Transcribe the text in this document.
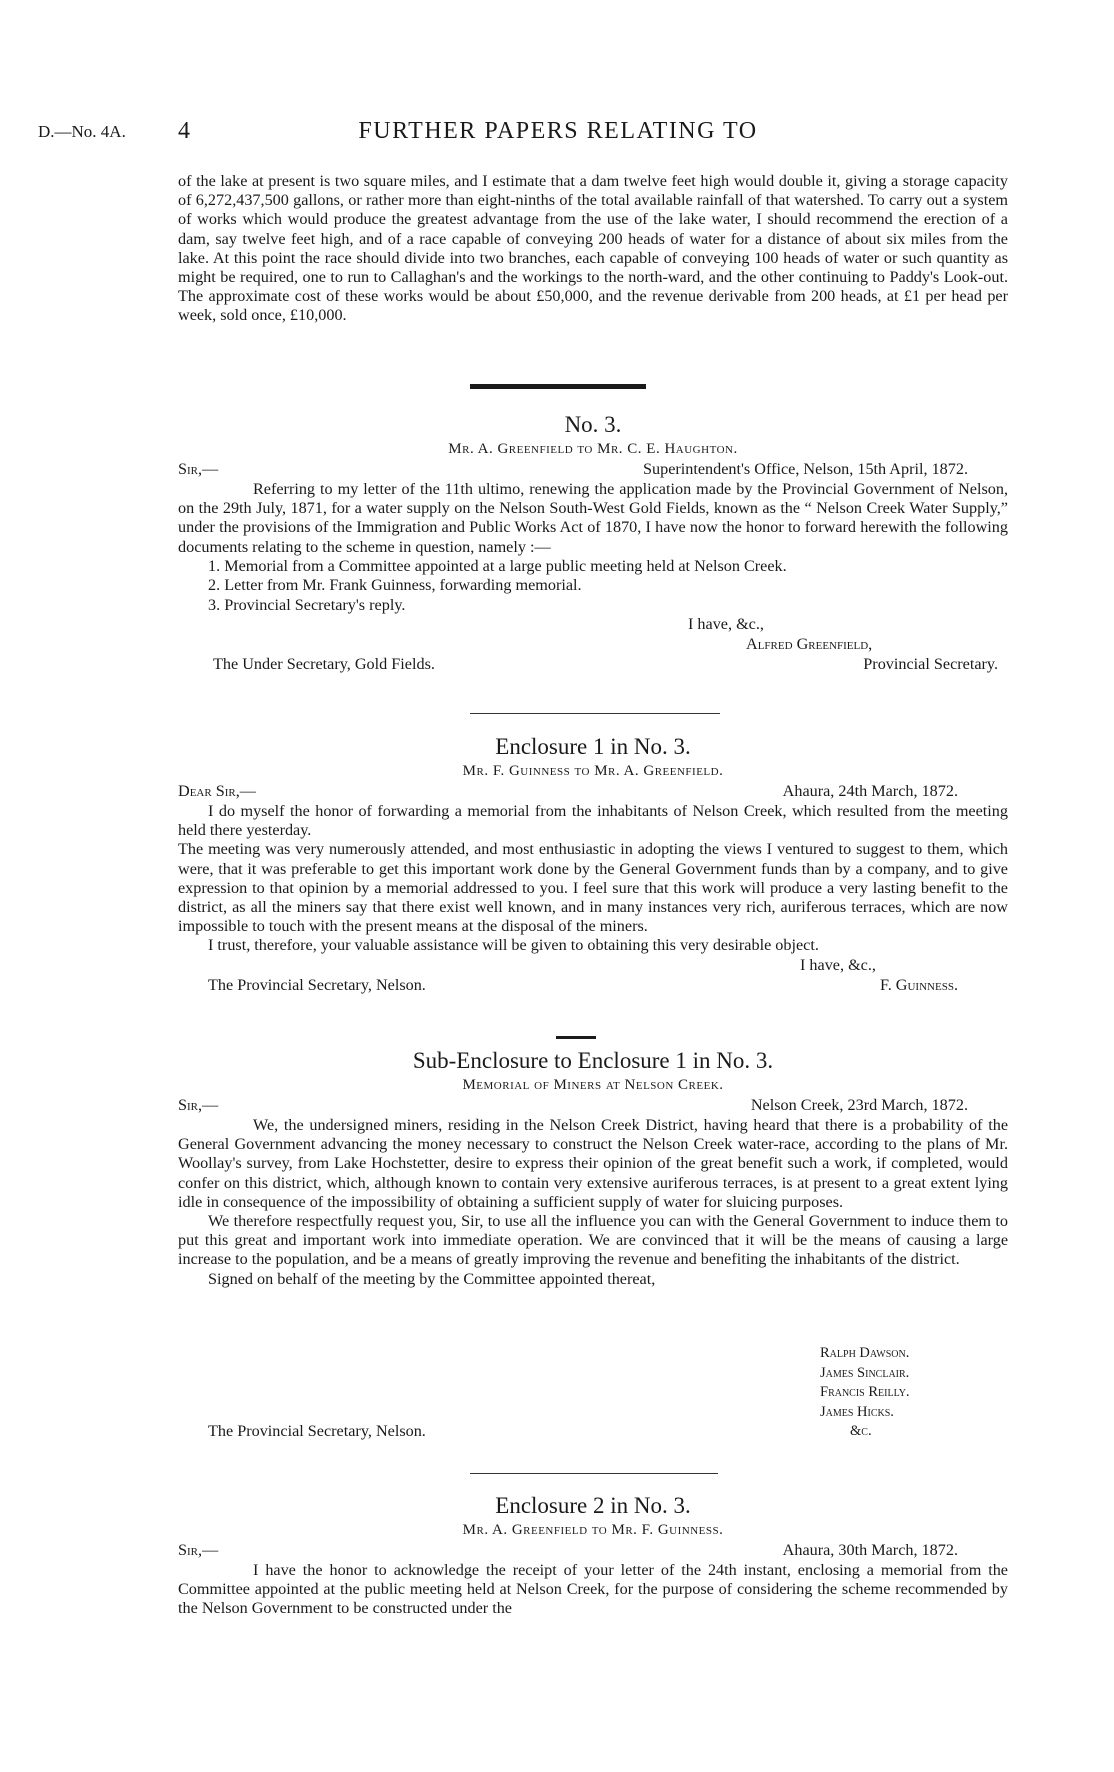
D.—No. 4A. 4	FURTHER PAPERS RELATING TO

of the lake at present is two square miles, and I estimate that a dam twelve feet high would double it, giving a storage capacity of 6,272,437,500 gallons, or rather more than eight-ninths of the total available rainfall of that watershed. To carry out a system of works which would produce the greatest advantage from the use of the lake water, I should recommend the erection of a dam, say twelve feet high, and of a race capable of conveying 200 heads of water for a distance of about six miles from the lake. At this point the race should divide into two branches, each capable of conveying 100 heads of water or such quantity as might be required, one to run to Callaghan's and the workings to the north-ward, and the other continuing to Paddy's Look-out. The approximate cost of these works would be about £50,000, and the revenue derivable from 200 heads, at £1 per head per week, sold once, £10,000.

No. 3.

Mr. A. Greenfield to Mr. C. E. Haughton.

Sir,—	Superintendent's Office, Nelson, 15th April, 1872.

Referring to my letter of the 11th ultimo, renewing the application made by the Provincial Government of Nelson, on the 29th July, 1871, for a water supply on the Nelson South-West Gold Fields, known as the “ Nelson Creek Water Supply,” under the provisions of the Immigration and Public Works Act of 1870, I have now the honor to forward herewith the following documents relating to the scheme in question, namely :—

1. Memorial from a Committee appointed at a large public meeting held at Nelson Creek.
2. Letter from Mr. Frank Guinness, forwarding memorial.
3. Provincial Secretary's reply.
I have, &c.,
Alfred Greenfield,
The Under Secretary, Gold Fields.	Provincial Secretary.

Enclosure 1 in No. 3.

Mr. F. Guinness to Mr. A. Greenfield.

Dear Sir,—	Ahaura, 24th March, 1872.

I do myself the honor of forwarding a memorial from the inhabitants of Nelson Creek, which resulted from the meeting held there yesterday.

The meeting was very numerously attended, and most enthusiastic in adopting the views I ventured to suggest to them, which were, that it was preferable to get this important work done by the General Government funds than by a company, and to give expression to that opinion by a memorial addressed to you. I feel sure that this work will produce a very lasting benefit to the district, as all the miners say that there exist well known, and in many instances very rich, auriferous terraces, which are now impossible to touch with the present means at the disposal of the miners.

I trust, therefore, your valuable assistance will be given to obtaining this very desirable object.

I have, &c.,
The Provincial Secretary, Nelson.	F. Guinness.

Sub-Enclosure to Enclosure 1 in No. 3.

Memorial of Miners at Nelson Creek.

Sir,—	Nelson Creek, 23rd March, 1872.

We, the undersigned miners, residing in the Nelson Creek District, having heard that there is a probability of the General Government advancing the money necessary to construct the Nelson Creek water-race, according to the plans of Mr. Woollay's survey, from Lake Hochstetter, desire to express their opinion of the great benefit such a work, if completed, would confer on this district, which, although known to contain very extensive auriferous terraces, is at present to a great extent lying idle in consequence of the impossibility of obtaining a sufficient supply of water for sluicing purposes.

We therefore respectfully request you, Sir, to use all the influence you can with the General Government to induce them to put this great and important work into immediate operation. We are convinced that it will be the means of causing a large increase to the population, and be a means of greatly improving the revenue and benefiting the inhabitants of the district.

Signed on behalf of the meeting by the Committee appointed thereat,

Ralph Dawson.
James Sinclair.
Francis Reilly.
James Hicks.
&c.
The Provincial Secretary, Nelson.

Enclosure 2 in No. 3.

Mr. A. Greenfield to Mr. F. Guinness.

Sir,—	Ahaura, 30th March, 1872.

I have the honor to acknowledge the receipt of your letter of the 24th instant, enclosing a memorial from the Committee appointed at the public meeting held at Nelson Creek, for the purpose of considering the scheme recommended by the Nelson Government to be constructed under the
